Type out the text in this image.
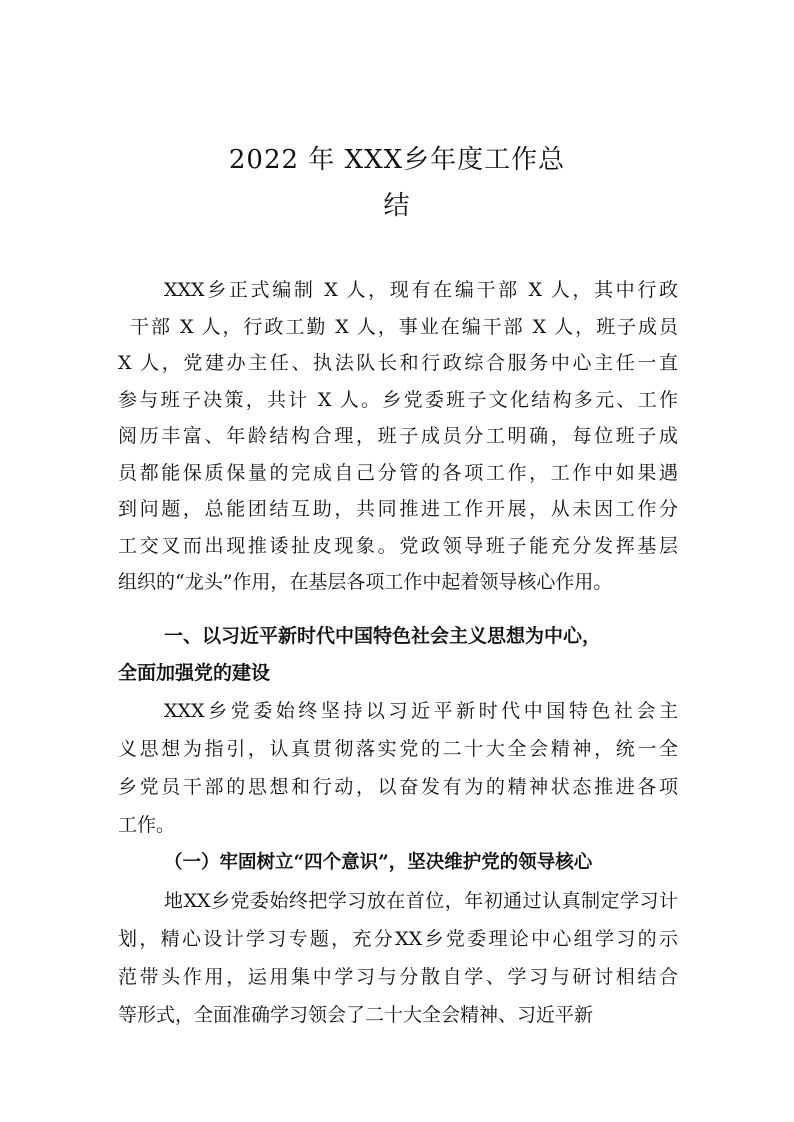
2022 年 XXX乡年度工作总
结
XXX乡正式编制 X 人，现有在编干部 X 人，其中行政
干部 X 人，行政工勤 X 人，事业在编干部 X 人，班子成员
X 人，党建办主任、执法队长和行政综合服务中心主任一直
参与班子决策，共计 X 人。乡党委班子文化结构多元、工作
阅历丰富、年龄结构合理，班子成员分工明确，每位班子成
员都能保质保量的完成自己分管的各项工作，工作中如果遇
到问题，总能团结互助，共同推进工作开展，从未因工作分
工交叉而出现推诿扯皮现象。党政领导班子能充分发挥基层
组织的“龙头”作用，在基层各项工作中起着领导核心作用。
一、以习近平新时代中国特色社会主义思想为中心，
全面加强党的建设
XXX乡党委始终坚持以习近平新时代中国特色社会主
义思想为指引，认真贯彻落实党的二十大全会精神，统一全
乡党员干部的思想和行动，以奋发有为的精神状态推进各项
工作。
（一）牢固树立“四个意识”，坚决维护党的领导核心
地XX乡党委始终把学习放在首位，年初通过认真制定学习计
划，精心设计学习专题，充分XX乡党委理论中心组学习的示
范带头作用，运用集中学习与分散自学、学习与研讨相结合
等形式，全面准确学习领会了二十大全会精神、习近平新
